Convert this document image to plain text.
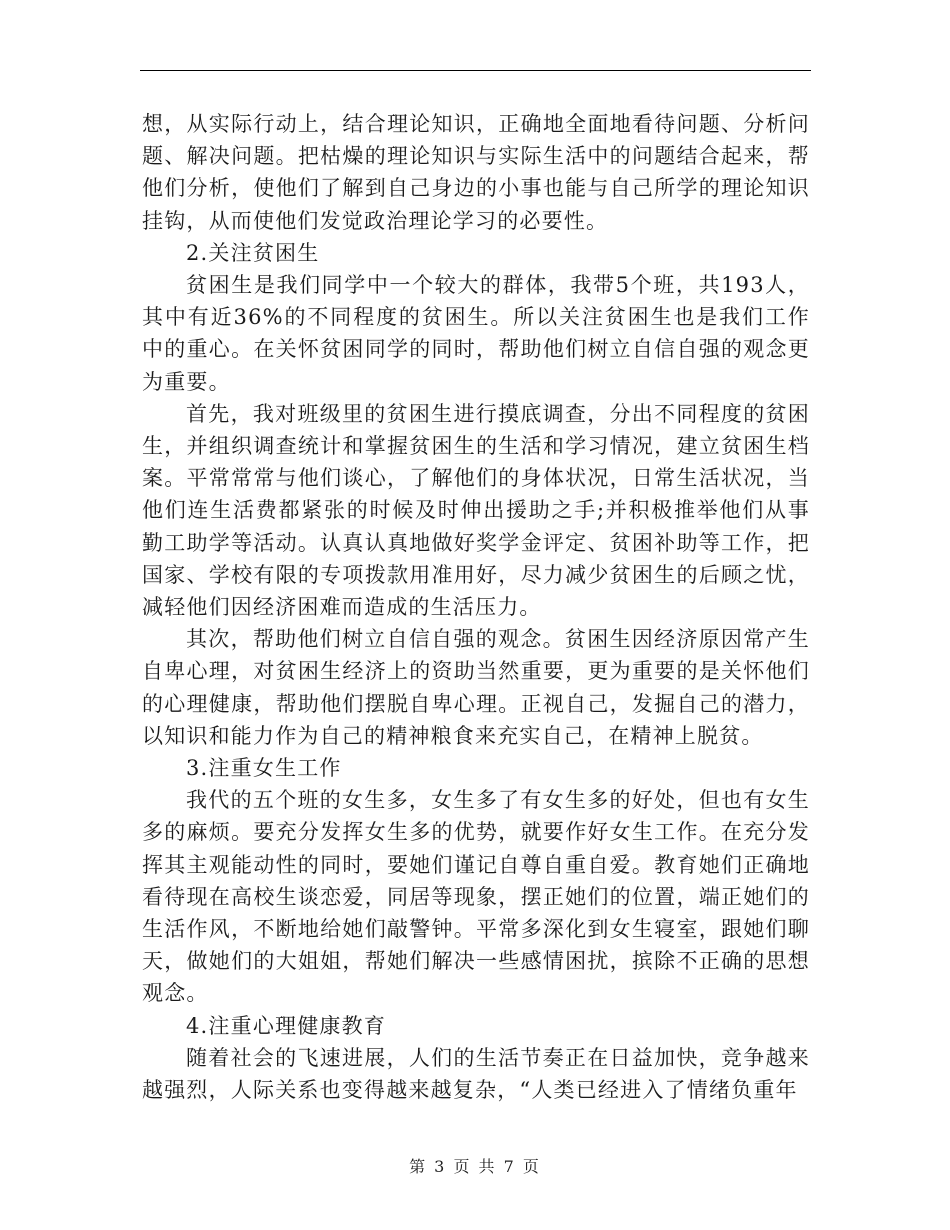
想，从实际行动上，结合理论知识，正确地全面地看待问题、分析问题、解决问题。把枯燥的理论知识与实际生活中的问题结合起来，帮他们分析，使他们了解到自己身边的小事也能与自己所学的理论知识挂钩，从而使他们发觉政治理论学习的必要性。

2.关注贫困生

贫困生是我们同学中一个较大的群体，我带5个班，共193人，其中有近36%的不同程度的贫困生。所以关注贫困生也是我们工作中的重心。在关怀贫困同学的同时，帮助他们树立自信自强的观念更为重要。

首先，我对班级里的贫困生进行摸底调查，分出不同程度的贫困生，并组织调查统计和掌握贫困生的生活和学习情况，建立贫困生档案。平常常常与他们谈心，了解他们的身体状况，日常生活状况，当他们连生活费都紧张的时候及时伸出援助之手;并积极推举他们从事勤工助学等活动。认真认真地做好奖学金评定、贫困补助等工作，把国家、学校有限的专项拨款用准用好，尽力减少贫困生的后顾之忧，减轻他们因经济困难而造成的生活压力。

其次，帮助他们树立自信自强的观念。贫困生因经济原因常产生自卑心理，对贫困生经济上的资助当然重要，更为重要的是关怀他们的心理健康，帮助他们摆脱自卑心理。正视自己，发掘自己的潜力，以知识和能力作为自己的精神粮食来充实自己，在精神上脱贫。

3.注重女生工作

我代的五个班的女生多，女生多了有女生多的好处，但也有女生多的麻烦。要充分发挥女生多的优势，就要作好女生工作。在充分发挥其主观能动性的同时，要她们谨记自尊自重自爱。教育她们正确地看待现在高校生谈恋爱，同居等现象，摆正她们的位置，端正她们的生活作风，不断地给她们敲警钟。平常多深化到女生寝室，跟她们聊天，做她们的大姐姐，帮她们解决一些感情困扰，摈除不正确的思想观念。

4.注重心理健康教育

随着社会的飞速进展，人们的生活节奏正在日益加快，竞争越来越强烈，人际关系也变得越来越复杂，“人类已经进入了情绪负重年

第 3 页 共 7 页
